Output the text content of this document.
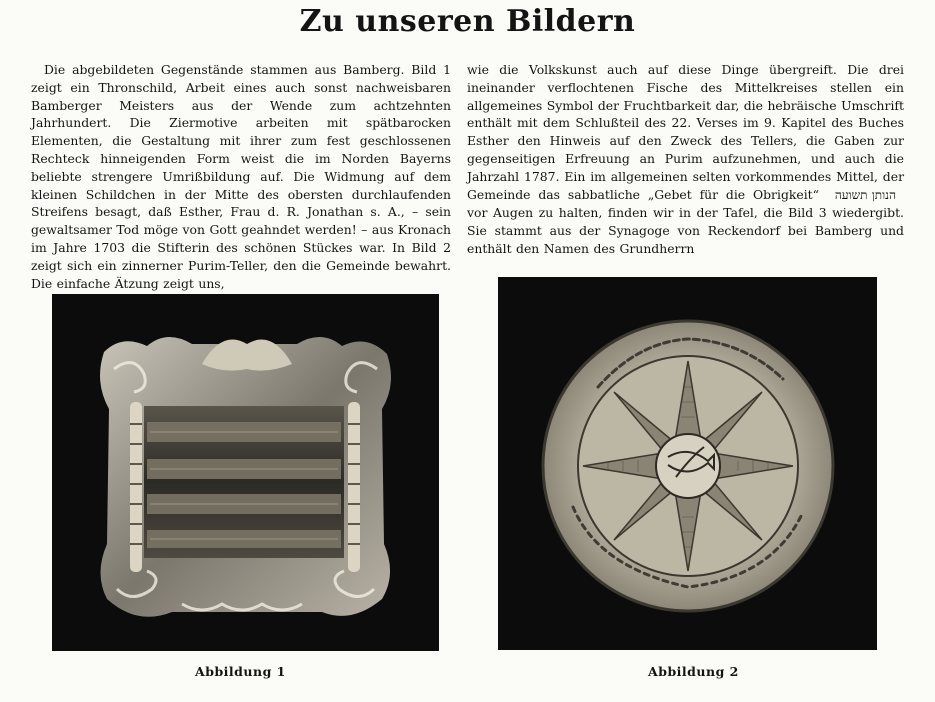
Zu unseren Bildern
Die abgebildeten Gegenstände stammen aus Bamberg. Bild 1 zeigt ein Thronschild, Arbeit eines auch sonst nachweisbaren Bamberger Meisters aus der Wende zum achtzehnten Jahrhundert. Die Ziermotive arbeiten mit spätbarocken Elementen, die Gestaltung mit ihrer zum fest geschlossenen Rechteck hinneigenden Form weist die im Norden Bayerns beliebte strengere Umrißbildung auf. Die Widmung auf dem kleinen Schildchen in der Mitte des obersten durchlaufenden Streifens besagt, daß Esther, Frau d. R. Jonathan s. A., – sein gewaltsamer Tod möge von Gott geahndet werden! – aus Kronach im Jahre 1703 die Stifterin des schönen Stückes war. In Bild 2 zeigt sich ein zinnerner Purim-Teller, den die Gemeinde bewahrt. Die einfache Ätzung zeigt uns,
wie die Volkskunst auch auf diese Dinge übergreift. Die drei ineinander verflochtenen Fische des Mittelkreises stellen ein allgemeines Symbol der Fruchtbarkeit dar, die hebräische Umschrift enthält mit dem Schlußteil des 22. Verses im 9. Kapitel des Buches Esther den Hinweis auf den Zweck des Tellers, die Gaben zur gegenseitigen Erfreuung an Purim aufzunehmen, und auch die Jahrzahl 1787. Ein im allgemeinen selten vorkommendes Mittel, der Gemeinde das sabbatliche „Gebet für die Obrigkeit“ הנותן תשועה vor Augen zu halten, finden wir in der Tafel, die Bild 3 wiedergibt. Sie stammt aus der Synagoge von Reckendorf bei Bamberg und enthält den Namen des Grundherrn
Abbildung 1	Abbildung 2
